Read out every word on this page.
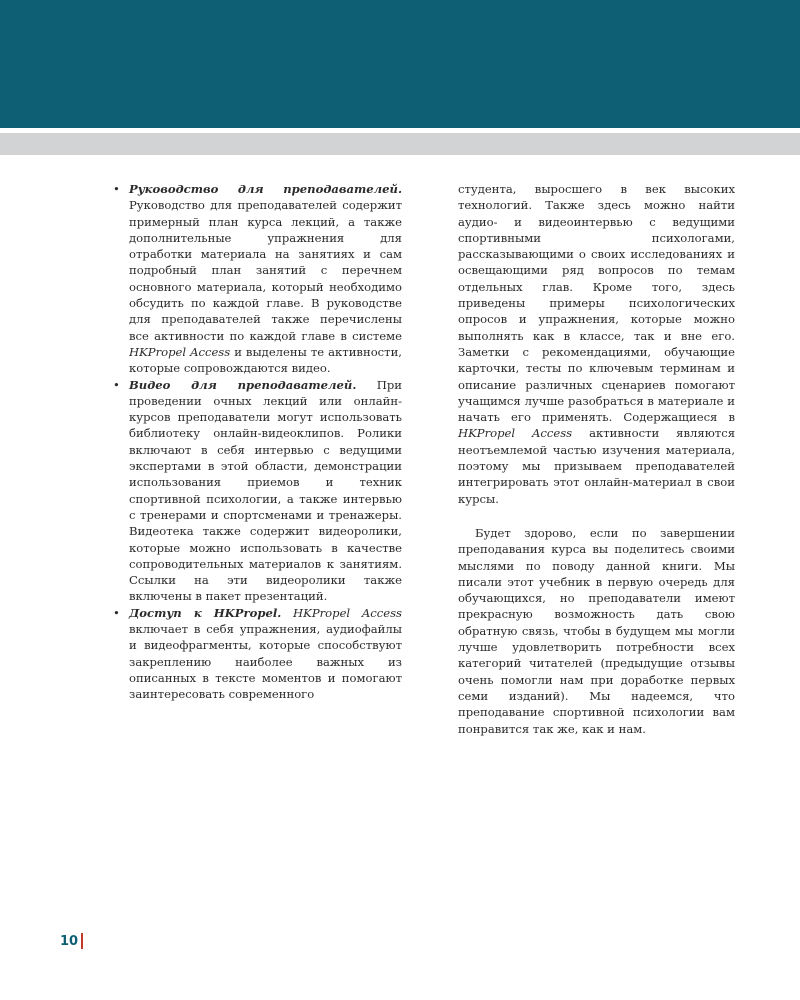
• Руководство для преподавателей. Руководство для преподавателей содержит примерный план курса лекций, а также дополнительные упражнения для отработки материала на занятиях и сам подробный план занятий с перечнем основного материала, который необходимо обсудить по каждой главе. В руководстве для преподавателей также перечислены все активности по каждой главе в системе HKPropel Access и выделены те активности, которые сопровождаются видео.
• Видео для преподавателей. При проведении очных лекций или онлайн-курсов преподаватели могут использовать библиотеку онлайн-видеоклипов. Ролики включают в себя интервью с ведущими экспертами в этой области, демонстрации использования приемов и техник спортивной психологии, а также интервью с тренерами и спортсменами и тренажеры. Видеотека также содержит видеоролики, которые можно использовать в качестве сопроводительных материалов к занятиям. Ссылки на эти видеоролики также включены в пакет презентаций.
• Доступ к HKPropel. HKPropel Access включает в себя упражнения, аудиофайлы и видеофрагменты, которые способствуют закреплению наиболее важных из описанных в тексте моментов и помогают заинтересовать современного

студента, выросшего в век высоких технологий. Также здесь можно найти аудио- и видеоинтервью с ведущими спортивными психологами, рассказывающими о своих исследованиях и освещающими ряд вопросов по темам отдельных глав. Кроме того, здесь приведены примеры психологических опросов и упражнения, которые можно выполнять как в классе, так и вне его. Заметки с рекомендациями, обучающие карточки, тесты по ключевым терминам и описание различных сценариев помогают учащимся лучше разобраться в материале и начать его применять. Содержащиеся в HKPropel Access активности являются неотъемлемой частью изучения материала, поэтому мы призываем преподавателей интегрировать этот онлайн-материал в свои курсы.

Будет здорово, если по завершении преподавания курса вы поделитесь своими мыслями по поводу данной книги. Мы писали этот учебник в первую очередь для обучающихся, но преподаватели имеют прекрасную возможность дать свою обратную связь, чтобы в будущем мы могли лучше удовлетворить потребности всех категорий читателей (предыдущие отзывы очень помогли нам при доработке первых семи изданий). Мы надеемся, что преподавание спортивной психологии вам понравится так же, как и нам.

10
